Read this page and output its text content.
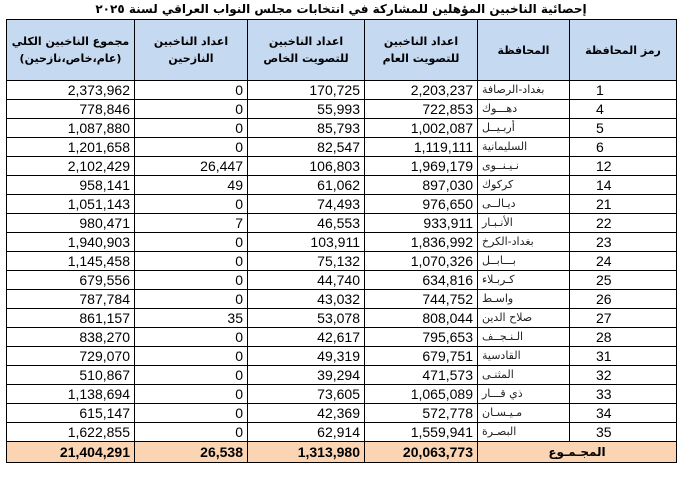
إحصائية الناخبين المؤهلين للمشاركة في انتخابات مجلس النواب العراقي لسنة ٢٠٢٥
مجموع الناخبين الكلي (عام،خاص،نازحين)	اعداد الناخبين النازحين	اعداد الناخبين للتصويت الخاص	اعداد الناخبين للتصويت العام	المحافظة	رمز المحافظة
2,373,962	0	170,725	2,203,237	بغداد-الرصافة	1
778,846	0	55,993	722,853	دهـــوك	4
1,087,880	0	85,793	1,002,087	أربـيــل	5
1,201,658	0	82,547	1,119,111	السليمانية	6
2,102,429	26,447	106,803	1,969,179	نـيـنــوى	12
958,141	49	61,062	897,030	كركوك	14
1,051,143	0	74,493	976,650	ديـالــى	21
980,471	7	46,553	933,911	الأنـبـار	22
1,940,903	0	103,911	1,836,992	بغداد-الكرخ	23
1,145,458	0	75,132	1,070,326	بـــابــل	24
679,556	0	44,740	634,816	كـربـلاء	25
787,784	0	43,032	744,752	واسـط	26
861,157	35	53,078	808,044	صلاح الدين	27
838,270	0	42,617	795,653	الـنـجــف	28
729,070	0	49,319	679,751	القادسية	31
510,867	0	39,294	471,573	المثنـى	32
1,138,694	0	73,605	1,065,089	ذي قـــار	33
615,147	0	42,369	572,778	مـيـسـان	34
1,622,855	0	62,914	1,559,941	البصـرة	35
21,404,291	26,538	1,313,980	20,063,773	المجـمـوع	
